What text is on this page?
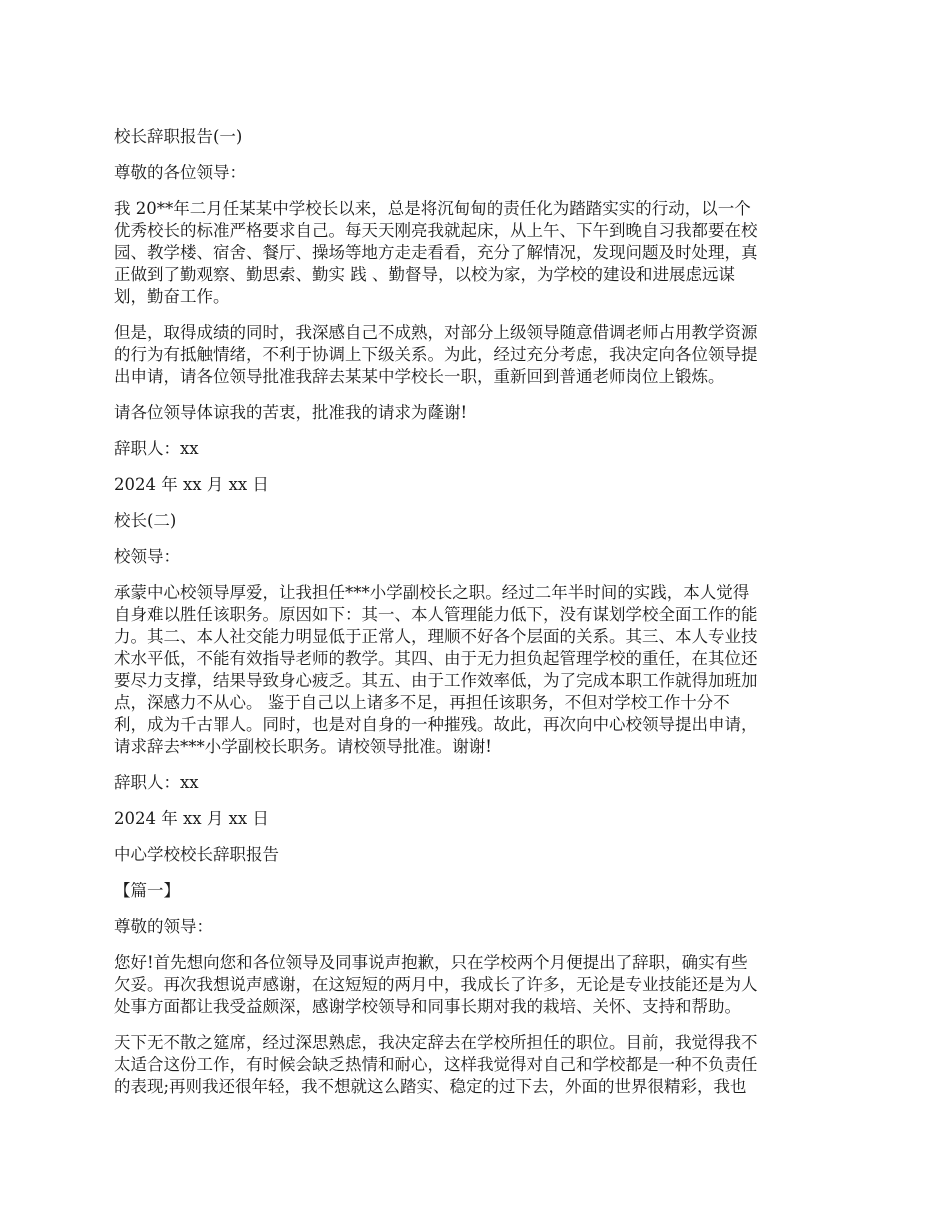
校长辞职报告(一)

尊敬的各位领导：

我 20**年二月任某某中学校长以来，总是将沉甸甸的责任化为踏踏实实的行动，以一个
优秀校长的标准严格要求自己。每天天刚亮我就起床，从上午、下午到晚自习我都要在校
园、教学楼、宿舍、餐厅、操场等地方走走看看，充分了解情况，发现问题及时处理，真
正做到了勤观察、勤思索、勤实 践 、勤督导，以校为家，为学校的建设和进展虑远谋
划，勤奋工作。

但是，取得成绩的同时，我深感自己不成熟，对部分上级领导随意借调老师占用教学资源
的行为有抵触情绪，不利于协调上下级关系。为此，经过充分考虑，我决定向各位领导提
出申请，请各位领导批准我辞去某某中学校长一职，重新回到普通老师岗位上锻炼。

请各位领导体谅我的苦衷，批准我的请求为蕯谢!

辞职人：xx

2024 年 xx 月 xx 日

校长(二)

校领导：

承蒙中心校领导厚爱，让我担任***小学副校长之职。经过二年半时间的实践，本人觉得
自身难以胜任该职务。原因如下：其一、本人管理能力低下，没有谋划学校全面工作的能
力。其二、本人社交能力明显低于正常人，理顺不好各个层面的关系。其三、本人专业技
术水平低，不能有效指导老师的教学。其四、由于无力担负起管理学校的重任，在其位还
要尽力支撑，结果导致身心疲乏。其五、由于工作效率低，为了完成本职工作就得加班加
点，深感力不从心。 鉴于自己以上诸多不足，再担任该职务，不但对学校工作十分不
利，成为千古罪人。同时，也是对自身的一种摧残。故此，再次向中心校领导提出申请，
请求辞去***小学副校长职务。请校领导批准。谢谢!

辞职人：xx

2024 年 xx 月 xx 日

中心学校校长辞职报告

【篇一】

尊敬的领导：

您好!首先想向您和各位领导及同事说声抱歉，只在学校两个月便提出了辞职，确实有些
欠妥。再次我想说声感谢，在这短短的两月中，我成长了许多，无论是专业技能还是为人
处事方面都让我受益颇深，感谢学校领导和同事长期对我的栽培、关怀、支持和帮助。

天下无不散之筵席，经过深思熟虑，我决定辞去在学校所担任的职位。目前，我觉得我不
太适合这份工作，有时候会缺乏热情和耐心，这样我觉得对自己和学校都是一种不负责任
的表现;再则我还很年轻，我不想就这么踏实、稳定的过下去，外面的世界很精彩，我也
